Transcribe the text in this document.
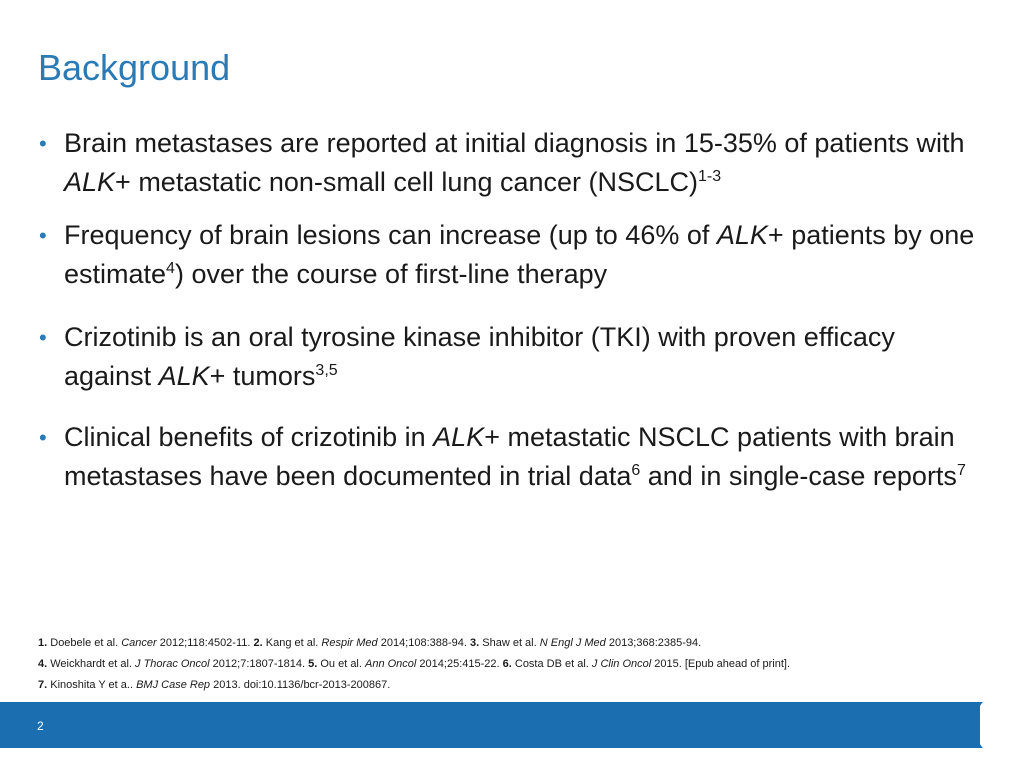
Background
• Brain metastases are reported at initial diagnosis in 15-35% of patients with ALK+ metastatic non-small cell lung cancer (NSCLC)$^{1-3}$
• Frequency of brain lesions can increase (up to 46% of ALK+ patients by one estimate$^4$) over the course of first-line therapy
• Crizotinib is an oral tyrosine kinase inhibitor (TKI) with proven efficacy against ALK+ tumors$^{3,5}$
• Clinical benefits of crizotinib in ALK+ metastatic NSCLC patients with brain metastases have been documented in trial data$^6$ and in single-case reports$^7$

1. Doebele et al. Cancer 2012;118:4502-11. 2. Kang et al. Respir Med 2014;108:388-94. 3. Shaw et al. N Engl J Med 2013;368:2385-94.

4. Weickhardt et al. J Thorac Oncol 2012;7:1807-1814. 5. Ou et al. Ann Oncol 2014;25:415-22. 6. Costa DB et al. J Clin Oncol 2015. [Epub ahead of print].

7. Kinoshita Y et a.. BMJ Case Rep 2013. doi:10.1136/bcr-2013-200867.

2
